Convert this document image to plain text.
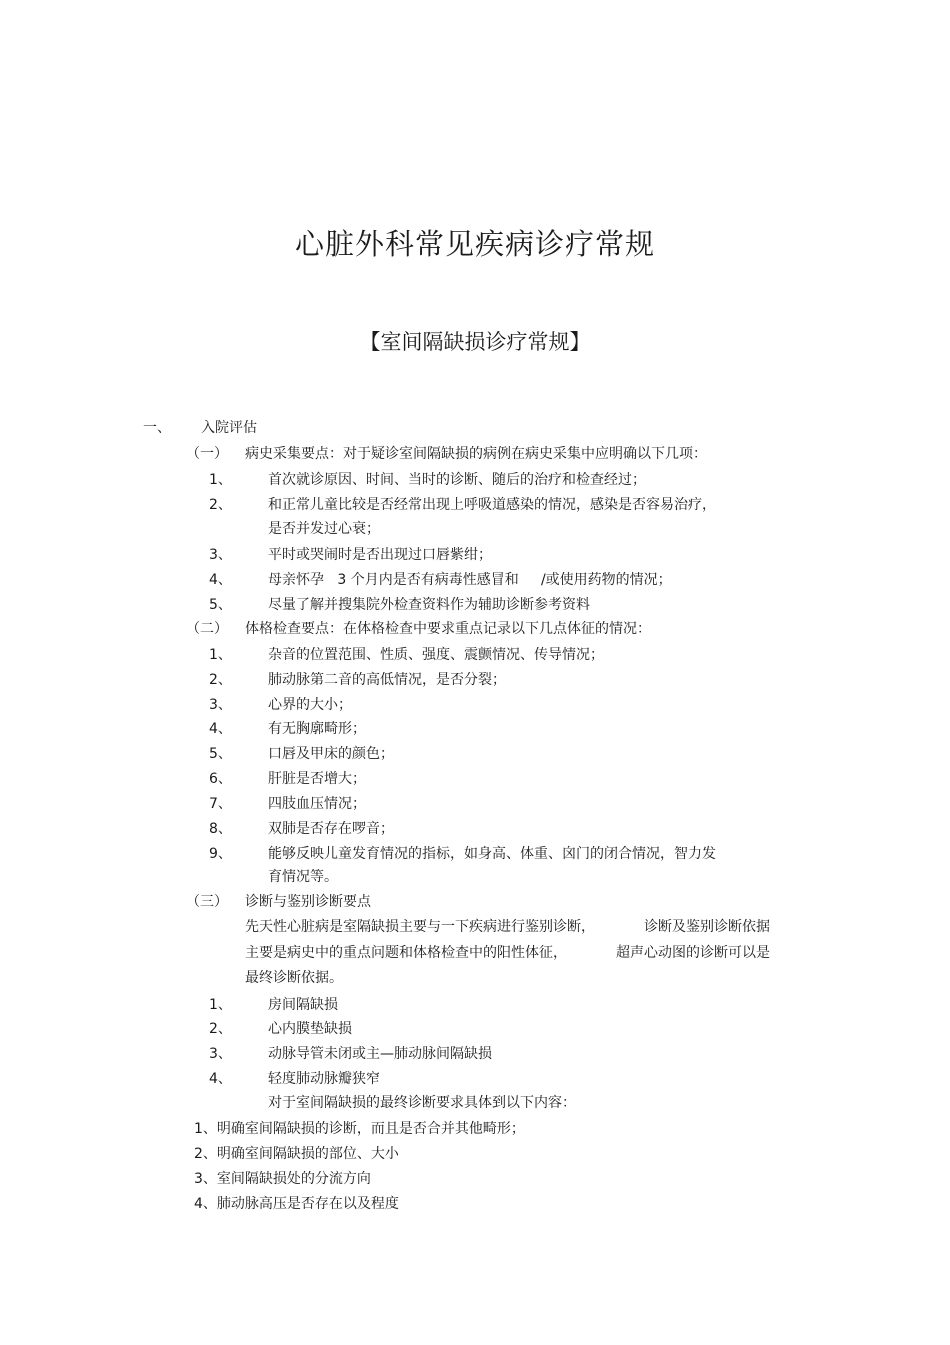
心脏外科常见疾病诊疗常规
【室间隔缺损诊疗常规】
一、 入院评估
（一） 病史采集要点：对于疑诊室间隔缺损的病例在病史采集中应明确以下几项：
1、	首次就诊原因、时间、当时的诊断、随后的治疗和检查经过；
2、	和正常儿童比较是否经常出现上呼吸道感染的情况，感染是否容易治疗，
是否并发过心衰；
3、	平时或哭闹时是否出现过口唇紫绀；
4、	母亲怀孕   3 个月内是否有病毒性感冒和     /或使用药物的情况；
5、	尽量了解并搜集院外检查资料作为辅助诊断参考资料
（二） 体格检查要点：在体格检查中要求重点记录以下几点体征的情况：
1、	杂音的位置范围、性质、强度、震颤情况、传导情况；
2、	肺动脉第二音的高低情况，是否分裂；
3、	心界的大小；
4、	有无胸廓畸形；
5、	口唇及甲床的颜色；
6、	肝脏是否增大；
7、	四肢血压情况；
8、	双肺是否存在啰音；
9、	能够反映儿童发育情况的指标，如身高、体重、囟门的闭合情况，智力发
育情况等。
（三） 诊断与鉴别诊断要点
先天性心脏病是室隔缺损主要与一下疾病进行鉴别诊断，           诊断及鉴别诊断依据
主要是病史中的重点问题和体格检查中的阳性体征，           超声心动图的诊断可以是
最终诊断依据。
1、	房间隔缺损
2、	心内膜垫缺损
3、	动脉导管未闭或主—肺动脉间隔缺损
4、	轻度肺动脉瓣狭窄
对于室间隔缺损的最终诊断要求具体到以下内容：
1、明确室间隔缺损的诊断，而且是否合并其他畸形；
2、明确室间隔缺损的部位、大小
3、室间隔缺损处的分流方向
4、肺动脉高压是否存在以及程度
